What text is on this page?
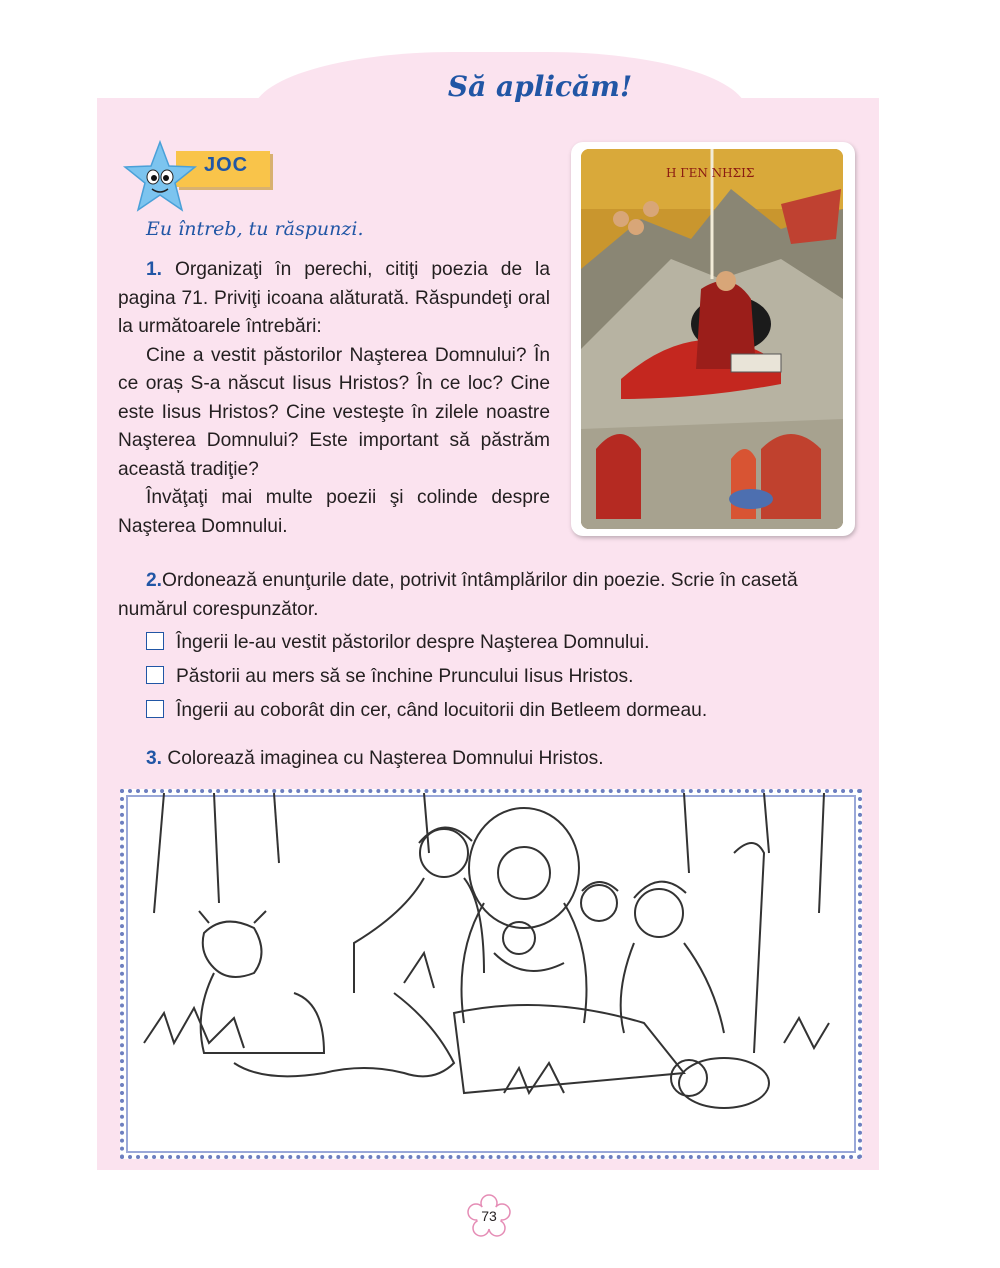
Să aplicăm!
JOC
Eu întreb, tu răspunzi.

1. Organizaţi în perechi, citiţi poezia de la pagina 71. Priviţi icoana alăturată. Răspundeţi oral la următoarele întrebări:

Cine a vestit păstorilor Naşterea Domnului? În ce oraș S-a născut Iisus Hristos? În ce loc? Cine este Iisus Hristos? Cine vesteşte în zilele noastre Naşterea Domnului? Este important să păstrăm această tradiţie?

Învăţaţi mai multe poezii şi colinde despre Naşterea Domnului.

Η ΓΕΝ ΝΗΣΙΣ

2.Ordonează enunţurile date, potrivit întâmplărilor din poezie. Scrie în casetă numărul corespunzător.

Îngerii le-au vestit păstorilor despre Naşterea Domnului.
Păstorii au mers să se închine Pruncului Iisus Hristos.
Îngerii au coborât din cer, când locuitorii din Betleem dormeau.
3. Colorează imaginea cu Naşterea Domnului Hristos.
73
